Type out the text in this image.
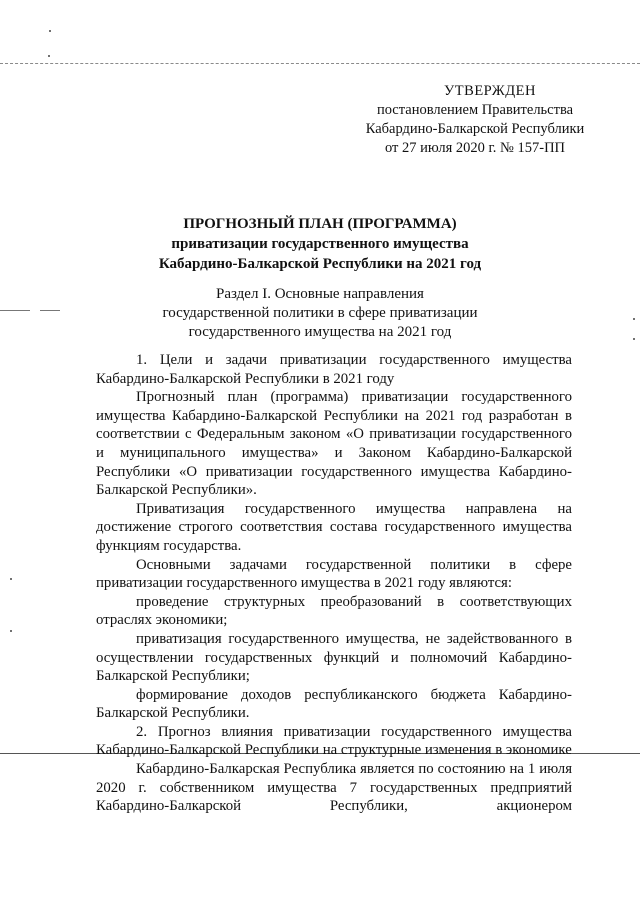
УТВЕРЖДЕН
постановлением Правительства
Кабардино-Балкарской Республики
от 27 июля 2020 г. № 157-ПП
ПРОГНОЗНЫЙ ПЛАН (ПРОГРАММА)
приватизации государственного имущества
Кабардино-Балкарской Республики на 2021 год
Раздел I. Основные направления
государственной политики в сфере приватизации
государственного имущества на 2021 год

1. Цели и задачи приватизации государственного имущества Кабардино-Балкарской Республики в 2021 году

Прогнозный план (программа) приватизации государственного имущества Кабардино-Балкарской Республики на 2021 год разработан в соответствии с Федеральным законом «О приватизации государственного и муниципального имущества» и Законом Кабардино-Балкарской Республики «О приватизации государственного имущества Кабардино-Балкарской Республики».

Приватизация государственного имущества направлена на достижение строгого соответствия состава государственного имущества функциям государства.

Основными задачами государственной политики в сфере приватизации государственного имущества в 2021 году являются:

проведение структурных преобразований в соответствующих отраслях экономики;

приватизация государственного имущества, не задействованного в осуществлении государственных функций и полномочий Кабардино-Балкарской Республики;

формирование доходов республиканского бюджета Кабардино-Балкарской Республики.

2. Прогноз влияния приватизации государственного имущества Кабардино-Балкарской Республики на структурные изменения в экономике

Кабардино-Балкарская Республика является по состоянию на 1 июля 2020 г. собственником имущества 7 государственных предприятий Кабардино-Балкарской Республики, акционером
